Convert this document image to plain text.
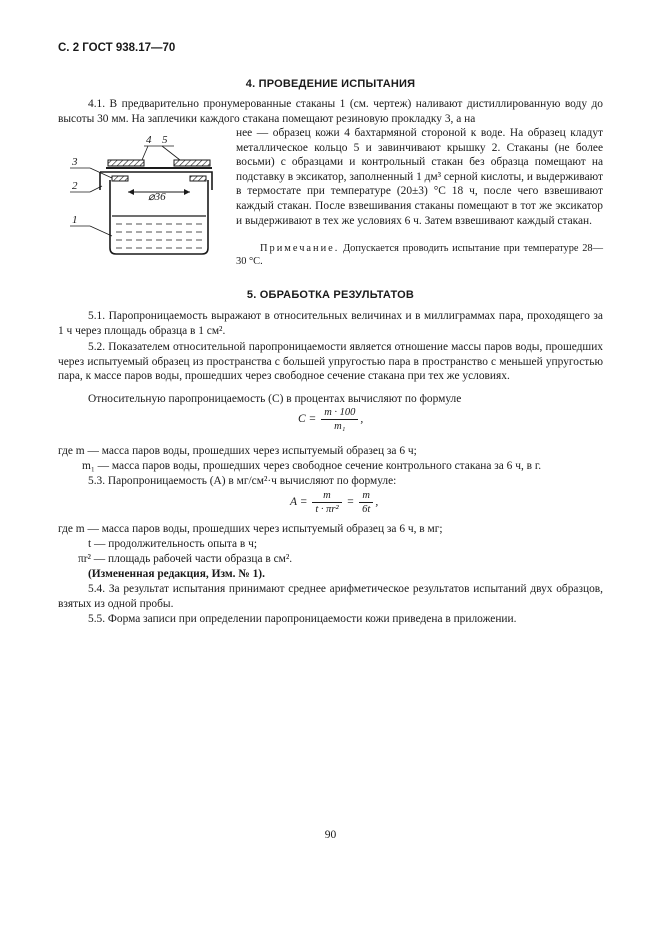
С. 2 ГОСТ 938.17—70
4. ПРОВЕДЕНИЕ ИСПЫТАНИЯ

4.1. В предварительно пронумерованные стаканы 1 (см. чертеж) наливают дистиллированную воду до высоты 30 мм. На заплечики каждого стакана помещают резиновую прокладку 3, а на

⌀36
4 5
3
2
1

нее — образец кожи 4 бахтармяной стороной к воде. На образец кладут металлическое кольцо 5 и завинчивают крышку 2. Стаканы (не более восьми) с образцами и контрольный стакан без образца помещают на подставку в эксикатор, заполненный 1 дм³ серной кислоты, и выдерживают в термостате при температуре (20±3) °С 18 ч, после чего взвешивают каждый стакан. После взвешивания стаканы помещают в тот же эксикатор и выдерживают в тех же условиях 6 ч. Затем взвешивают каждый стакан.

Примечание. Допускается проводить испытание при температуре 28—30 °С.

5. ОБРАБОТКА РЕЗУЛЬТАТОВ

5.1. Паропроницаемость выражают в относительных величинах и в миллиграммах пара, проходящего за 1 ч через площадь образца в 1 см².

5.2. Показателем относительной паропроницаемости является отношение массы паров воды, прошедших через испытуемый образец из пространства с большей упругостью пара в пространство с меньшей упругостью пара, к массе паров воды, прошедших через свободное сечение стакана при тех же условиях.

Относительную паропроницаемость (С) в процентах вычисляют по формуле

$C = \frac{m \cdot 100}{\text{m₁}}$ ,
где m — масса паров воды, прошедших через испытуемый образец за 6 ч;
m₁ — масса паров воды, прошедших через свободное сечение контрольного стакана за 6 ч, в г.

5.3. Паропроницаемость (А) в мг/см²·ч вычисляют по формуле:

$A = \frac{m}{\text{t · πr²}} = \frac{m}{6t}$ ,
где m — масса паров воды, прошедших через испытуемый образец за 6 ч, в мг;
t — продолжительность опыта в ч;
πr² — площадь рабочей части образца в см².
(Измененная редакция, Изм. № 1).

5.4. За результат испытания принимают среднее арифметическое результатов испытаний двух образцов, взятых из одной пробы.

5.5. Форма записи при определении паропроницаемости кожи приведена в приложении.

90
